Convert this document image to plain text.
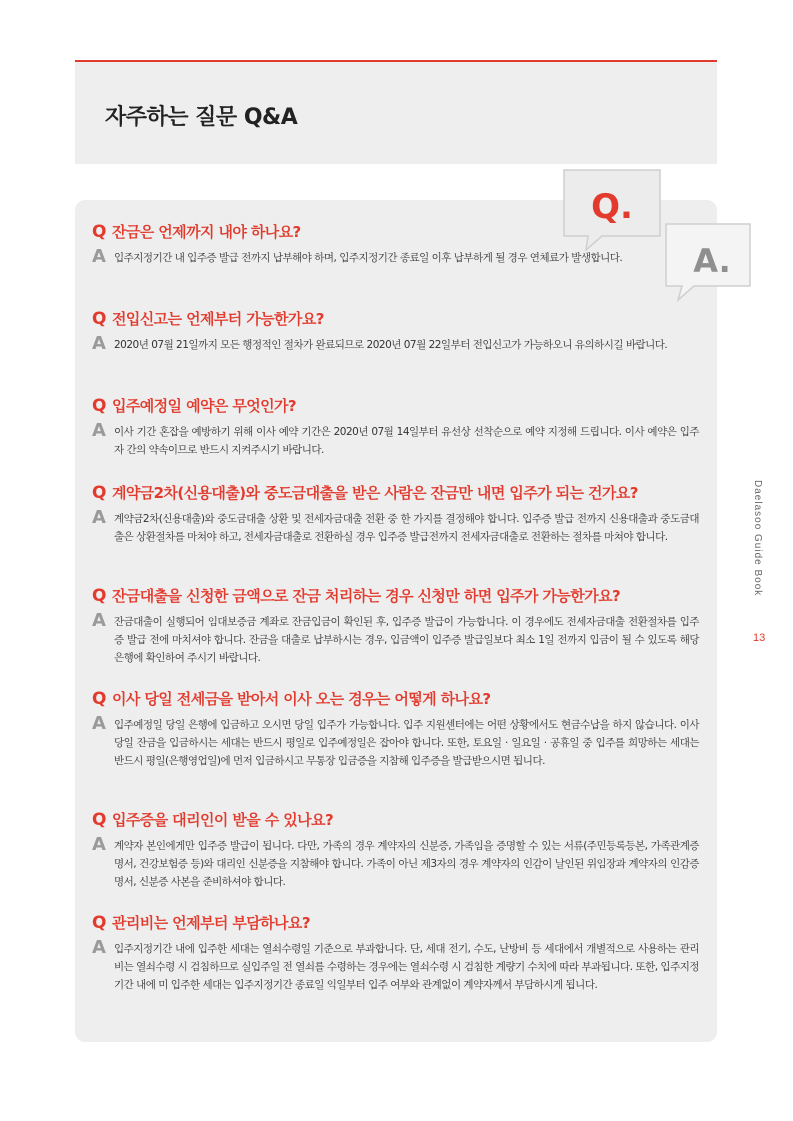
자주하는 질문 Q&A
Q.
A.
Q 잔금은 언제까지 내야 하나요?
A 입주지정기간 내 입주증 발급 전까지 납부해야 하며, 입주지정기간 종료일 이후 납부하게 될 경우 연체료가 발생합니다.
Q 전입신고는 언제부터 가능한가요?
A 2020년 07월 21일까지 모든 행정적인 절차가 완료되므로 2020년 07월 22일부터 전입신고가 가능하오니 유의하시길 바랍니다.
Q 입주예정일 예약은 무엇인가?
A 이사 기간 혼잡을 예방하기 위해 이사 예약 기간은 2020년 07월 14일부터 유선상 선착순으로 예약 지정해 드립니다. 이사 예약은 입주자 간의 약속이므로 반드시 지켜주시기 바랍니다.
Q 계약금2차(신용대출)와 중도금대출을 받은 사람은 잔금만 내면 입주가 되는 건가요?
A 계약금2차(신용대출)와 중도금대출 상환 및 전세자금대출 전환 중 한 가지를 결정해야 합니다. 입주증 발급 전까지 신용대출과 중도금대출은 상환절차를 마쳐야 하고, 전세자금대출로 전환하실 경우 입주증 발급전까지 전세자금대출로 전환하는 절차를 마쳐야 합니다.
Q 잔금대출을 신청한 금액으로 잔금 처리하는 경우 신청만 하면 입주가 가능한가요?
A 잔금대출이 실행되어 임대보증금 계좌로 잔금입금이 확인된 후, 입주증 발급이 가능합니다. 이 경우에도 전세자금대출 전환절차를 입주증 발급 전에 마치셔야 합니다. 잔금을 대출로 납부하시는 경우, 입금액이 입주증 발급일보다 최소 1일 전까지 입금이 될 수 있도록 해당 은행에 확인하여 주시기 바랍니다.
Q 이사 당일 전세금을 받아서 이사 오는 경우는 어떻게 하나요?
A 입주예정일 당일 은행에 입금하고 오시면 당일 입주가 가능합니다. 입주 지원센터에는 어떤 상황에서도 현금수납을 하지 않습니다. 이사 당일 잔금을 입금하시는 세대는 반드시 평일로 입주예정일은 잡아야 합니다. 또한, 토요일 · 일요일 · 공휴일 중 입주를 희망하는 세대는 반드시 평일(은행영업일)에 먼저 입금하시고 무통장 입금증을 지참해 입주증을 발급받으시면 됩니다.
Q 입주증을 대리인이 받을 수 있나요?
A 계약자 본인에게만 입주증 발급이 됩니다. 다만, 가족의 경우 계약자의 신분증, 가족임을 증명할 수 있는 서류(주민등록등본, 가족관계증명서, 건강보험증 등)와 대리인 신분증을 지참해야 합니다. 가족이 아닌 제3자의 경우 계약자의 인감이 날인된 위임장과 계약자의 인감증명서, 신분증 사본을 준비하셔야 합니다.
Q 관리비는 언제부터 부담하나요?
A 입주지정기간 내에 입주한 세대는 열쇠수령일 기준으로 부과합니다. 단, 세대 전기, 수도, 난방비 등 세대에서 개별적으로 사용하는 관리비는 열쇠수령 시 검침하므로 실입주일 전 열쇠를 수령하는 경우에는 열쇠수령 시 검침한 계량기 수치에 따라 부과됩니다. 또한, 입주지정기간 내에 미 입주한 세대는 입주지정기간 종료일 익일부터 입주 여부와 관계없이 계약자께서 부담하시게 됩니다.
Daelasoo Guide Book
13
